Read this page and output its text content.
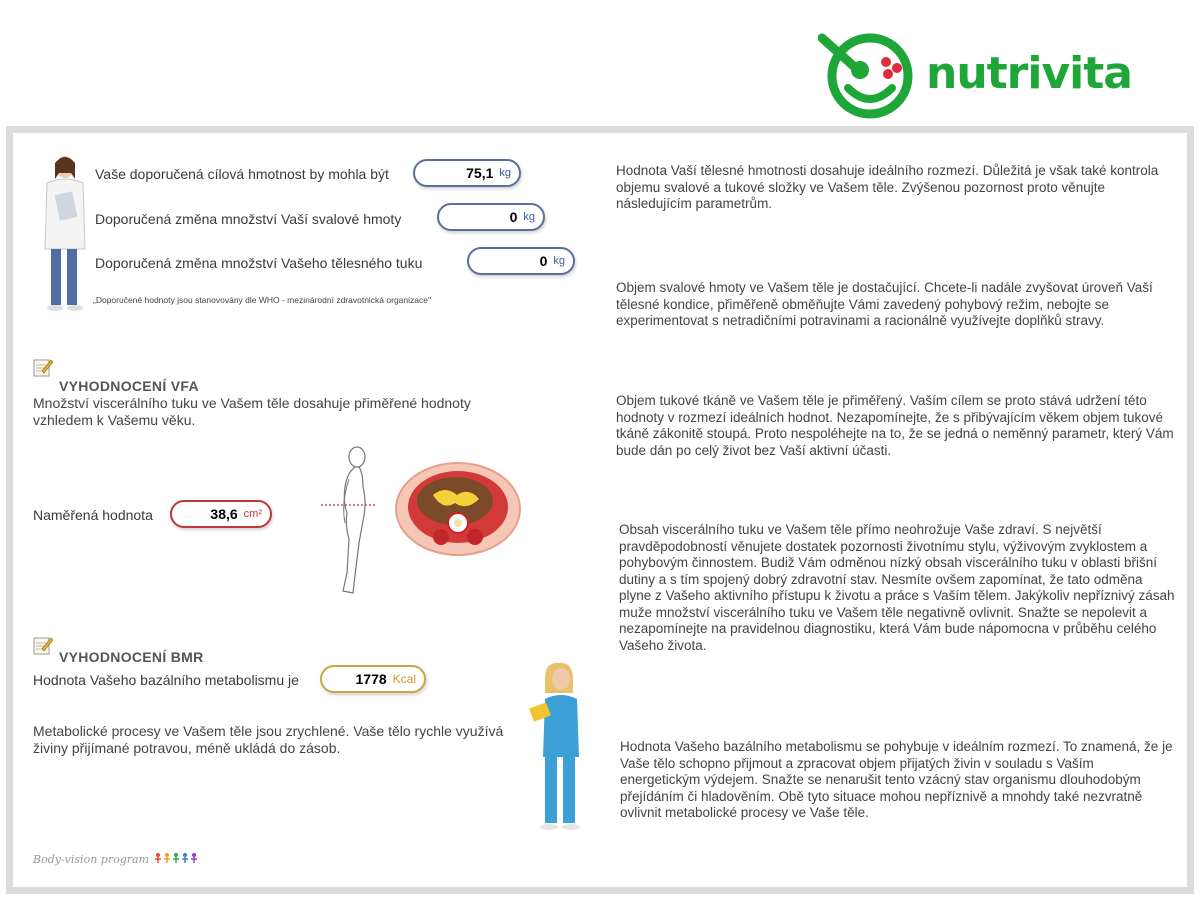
nutrivita
Vaše doporučená cílová hmotnost by mohla být	75,1 kg
Doporučená změna množství Vaší svalové hmoty	0 kg
Doporučená změna množství Vašeho tělesného tuku	0 kg
„Doporučené hodnoty jsou stanovovány dle WHO - mezinárodní zdravotnická organizace"
VYHODNOCENÍ VFA
Množství viscerálního tuku ve Vašem těle dosahuje přiměřené hodnoty vzhledem k Vašemu věku.
Naměřená hodnota	38,6 cm²
VYHODNOCENÍ BMR
Hodnota Vašeho bazálního metabolismu je	1778 Kcal
Metabolické procesy ve Vašem těle jsou zrychlené. Vaše tělo rychle využívá živiny přijímané potravou, méně ukládá do zásob.
Hodnota Vaší tělesné hmotnosti dosahuje ideálního rozmezí. Důležitá je však také kontrola objemu svalové a tukové složky ve Vašem těle. Zvýšenou pozornost proto věnujte následujícím parametrům.
Objem svalové hmoty ve Vašem těle je dostačující. Chcete-li nadále zvyšovat úroveň Vaší tělesné kondice, přiměřeně obměňujte Vámi zavedený pohybový režim, nebojte se experimentovat s netradičními potravinami a racionálně využívejte doplňků stravy.
Objem tukové tkáně ve Vašem těle je přiměřený. Vaším cílem se proto stává udržení této hodnoty v rozmezí ideálních hodnot. Nezapomínejte, že s přibývajícím věkem objem tukové tkáně zákonitě stoupá. Proto nespoléhejte na to, že se jedná o neměnný parametr, který Vám bude dán po celý život bez Vaší aktivní účasti.
Obsah viscerálního tuku ve Vašem těle přímo neohrožuje Vaše zdraví. S největší pravděpodobností věnujete dostatek pozornosti životnímu stylu, výživovým zvyklostem a pohybovým činnostem. Budiž Vám odměnou nízký obsah viscerálního tuku v oblasti břišní dutiny a s tím spojený dobrý zdravotní stav. Nesmíte ovšem zapomínat, že tato odměna plyne z Vašeho aktivního přístupu k životu a práce s Vaším tělem. Jakýkoliv nepříznivý zásah muže množství viscerálního tuku ve Vašem těle negativně ovlivnit. Snažte se nepolevit a nezapomínejte na pravidelnou diagnostiku, která Vám bude nápomocna v průběhu celého Vašeho života.
Hodnota Vašeho bazálního metabolismu se pohybuje v ideálním rozmezí. To znamená, že je Vaše tělo schopno přijmout a zpracovat objem přijatých živin v souladu s Vaším energetickým výdejem. Snažte se nenarušit tento vzácný stav organismu dlouhodobým přejídáním či hladověním. Obě tyto situace mohou nepříznivě a mnohdy také nezvratně ovlivnit metabolické procesy ve Vaše těle.
Body-vision program
